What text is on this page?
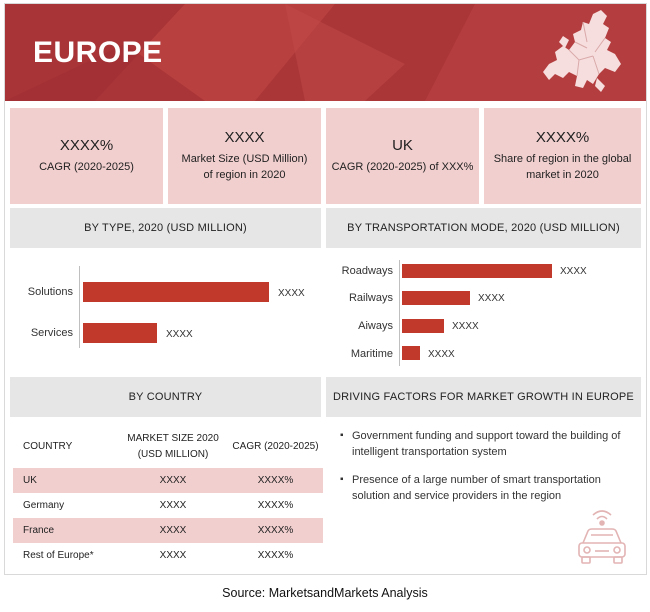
EUROPE
XXXX%
CAGR (2020-2025)
XXXX
Market Size (USD Million) of region in 2020
UK
CAGR (2020-2025) of XXX%
XXXX%
Share of region in the global market in 2020
BY TYPE, 2020 (USD MILLION)	BY TRANSPORTATION MODE, 2020 (USD MILLION)
Solutions	XXXX
Services	XXXX
Roadways	XXXX
Railways	XXXX
Aiways	XXXX
Maritime	XXXX
BY COUNTRY	DRIVING FACTORS FOR MARKET GROWTH IN EUROPE
COUNTRY	MARKET SIZE 2020 (USD MILLION)	CAGR (2020-2025)
UK	XXXX	XXXX%
Germany	XXXX	XXXX%
France	XXXX	XXXX%
Rest of Europe*	XXXX	XXXX%
▪ Government funding and support toward the building of intelligent transportation system
▪ Presence of a large number of smart transportation solution and service providers in the region
Source: MarketsandMarkets Analysis
